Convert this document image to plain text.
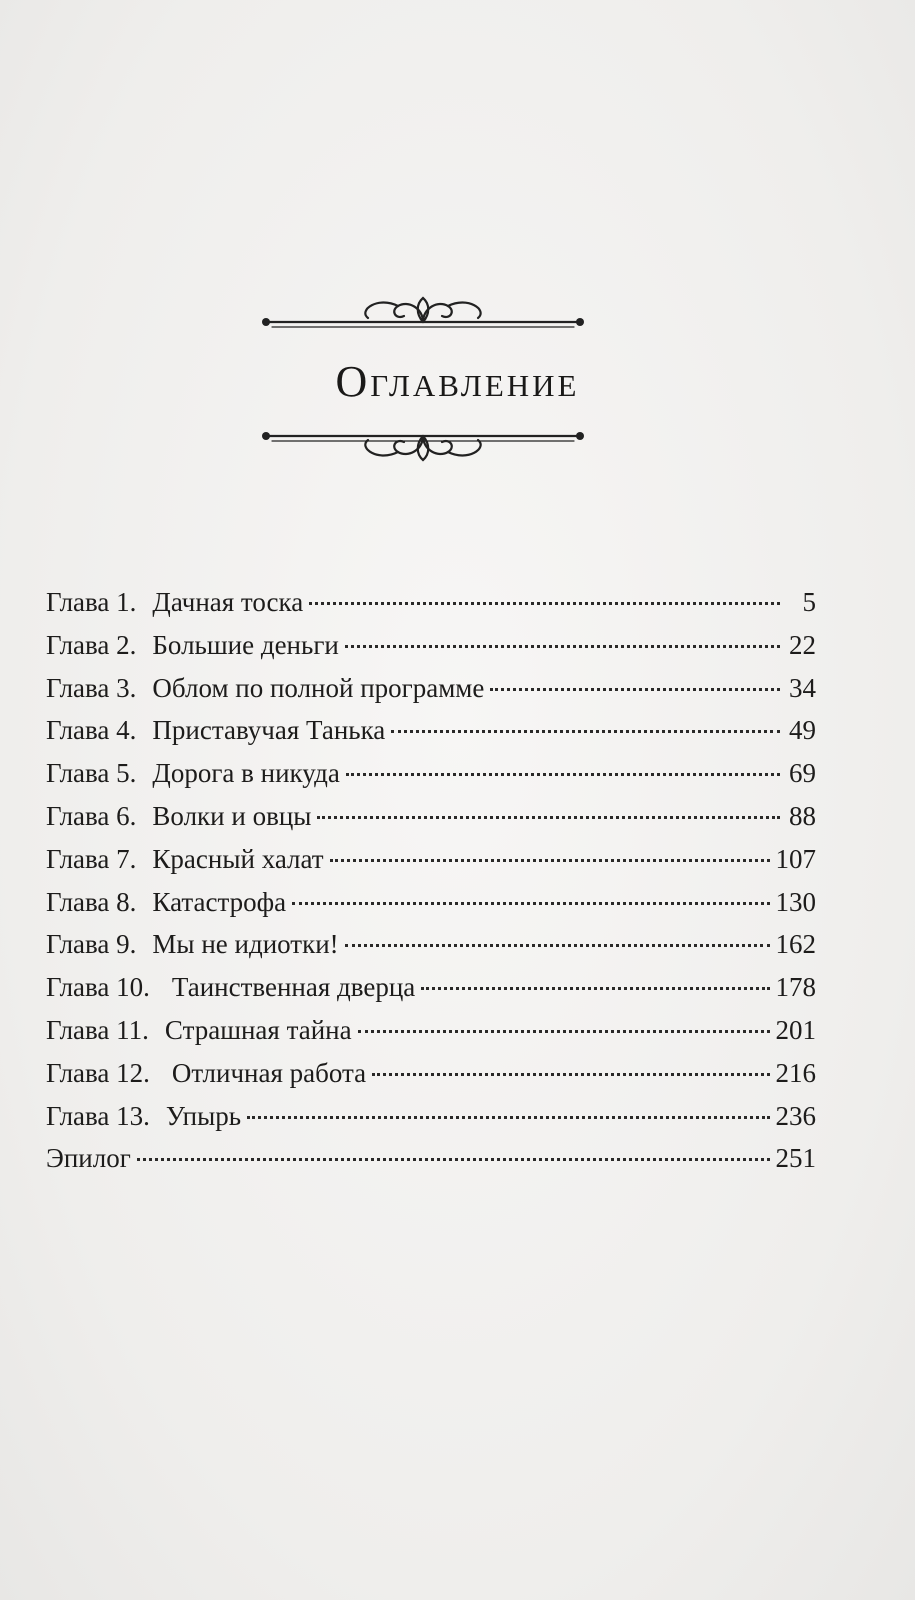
Оглавление
Глава 1. Дачная тоска	5
Глава 2. Большие деньги	22
Глава 3. Облом по полной программе	34
Глава 4. Приставучая Танька	49
Глава 5. Дорога в никуда	69
Глава 6. Волки и овцы	88
Глава 7. Красный халат	107
Глава 8. Катастрофа	130
Глава 9. Мы не идиотки!	162
Глава 10. Таинственная дверца	178
Глава 11. Страшная тайна	201
Глава 12. Отличная работа	216
Глава 13. Упырь	236
Эпилог	251
